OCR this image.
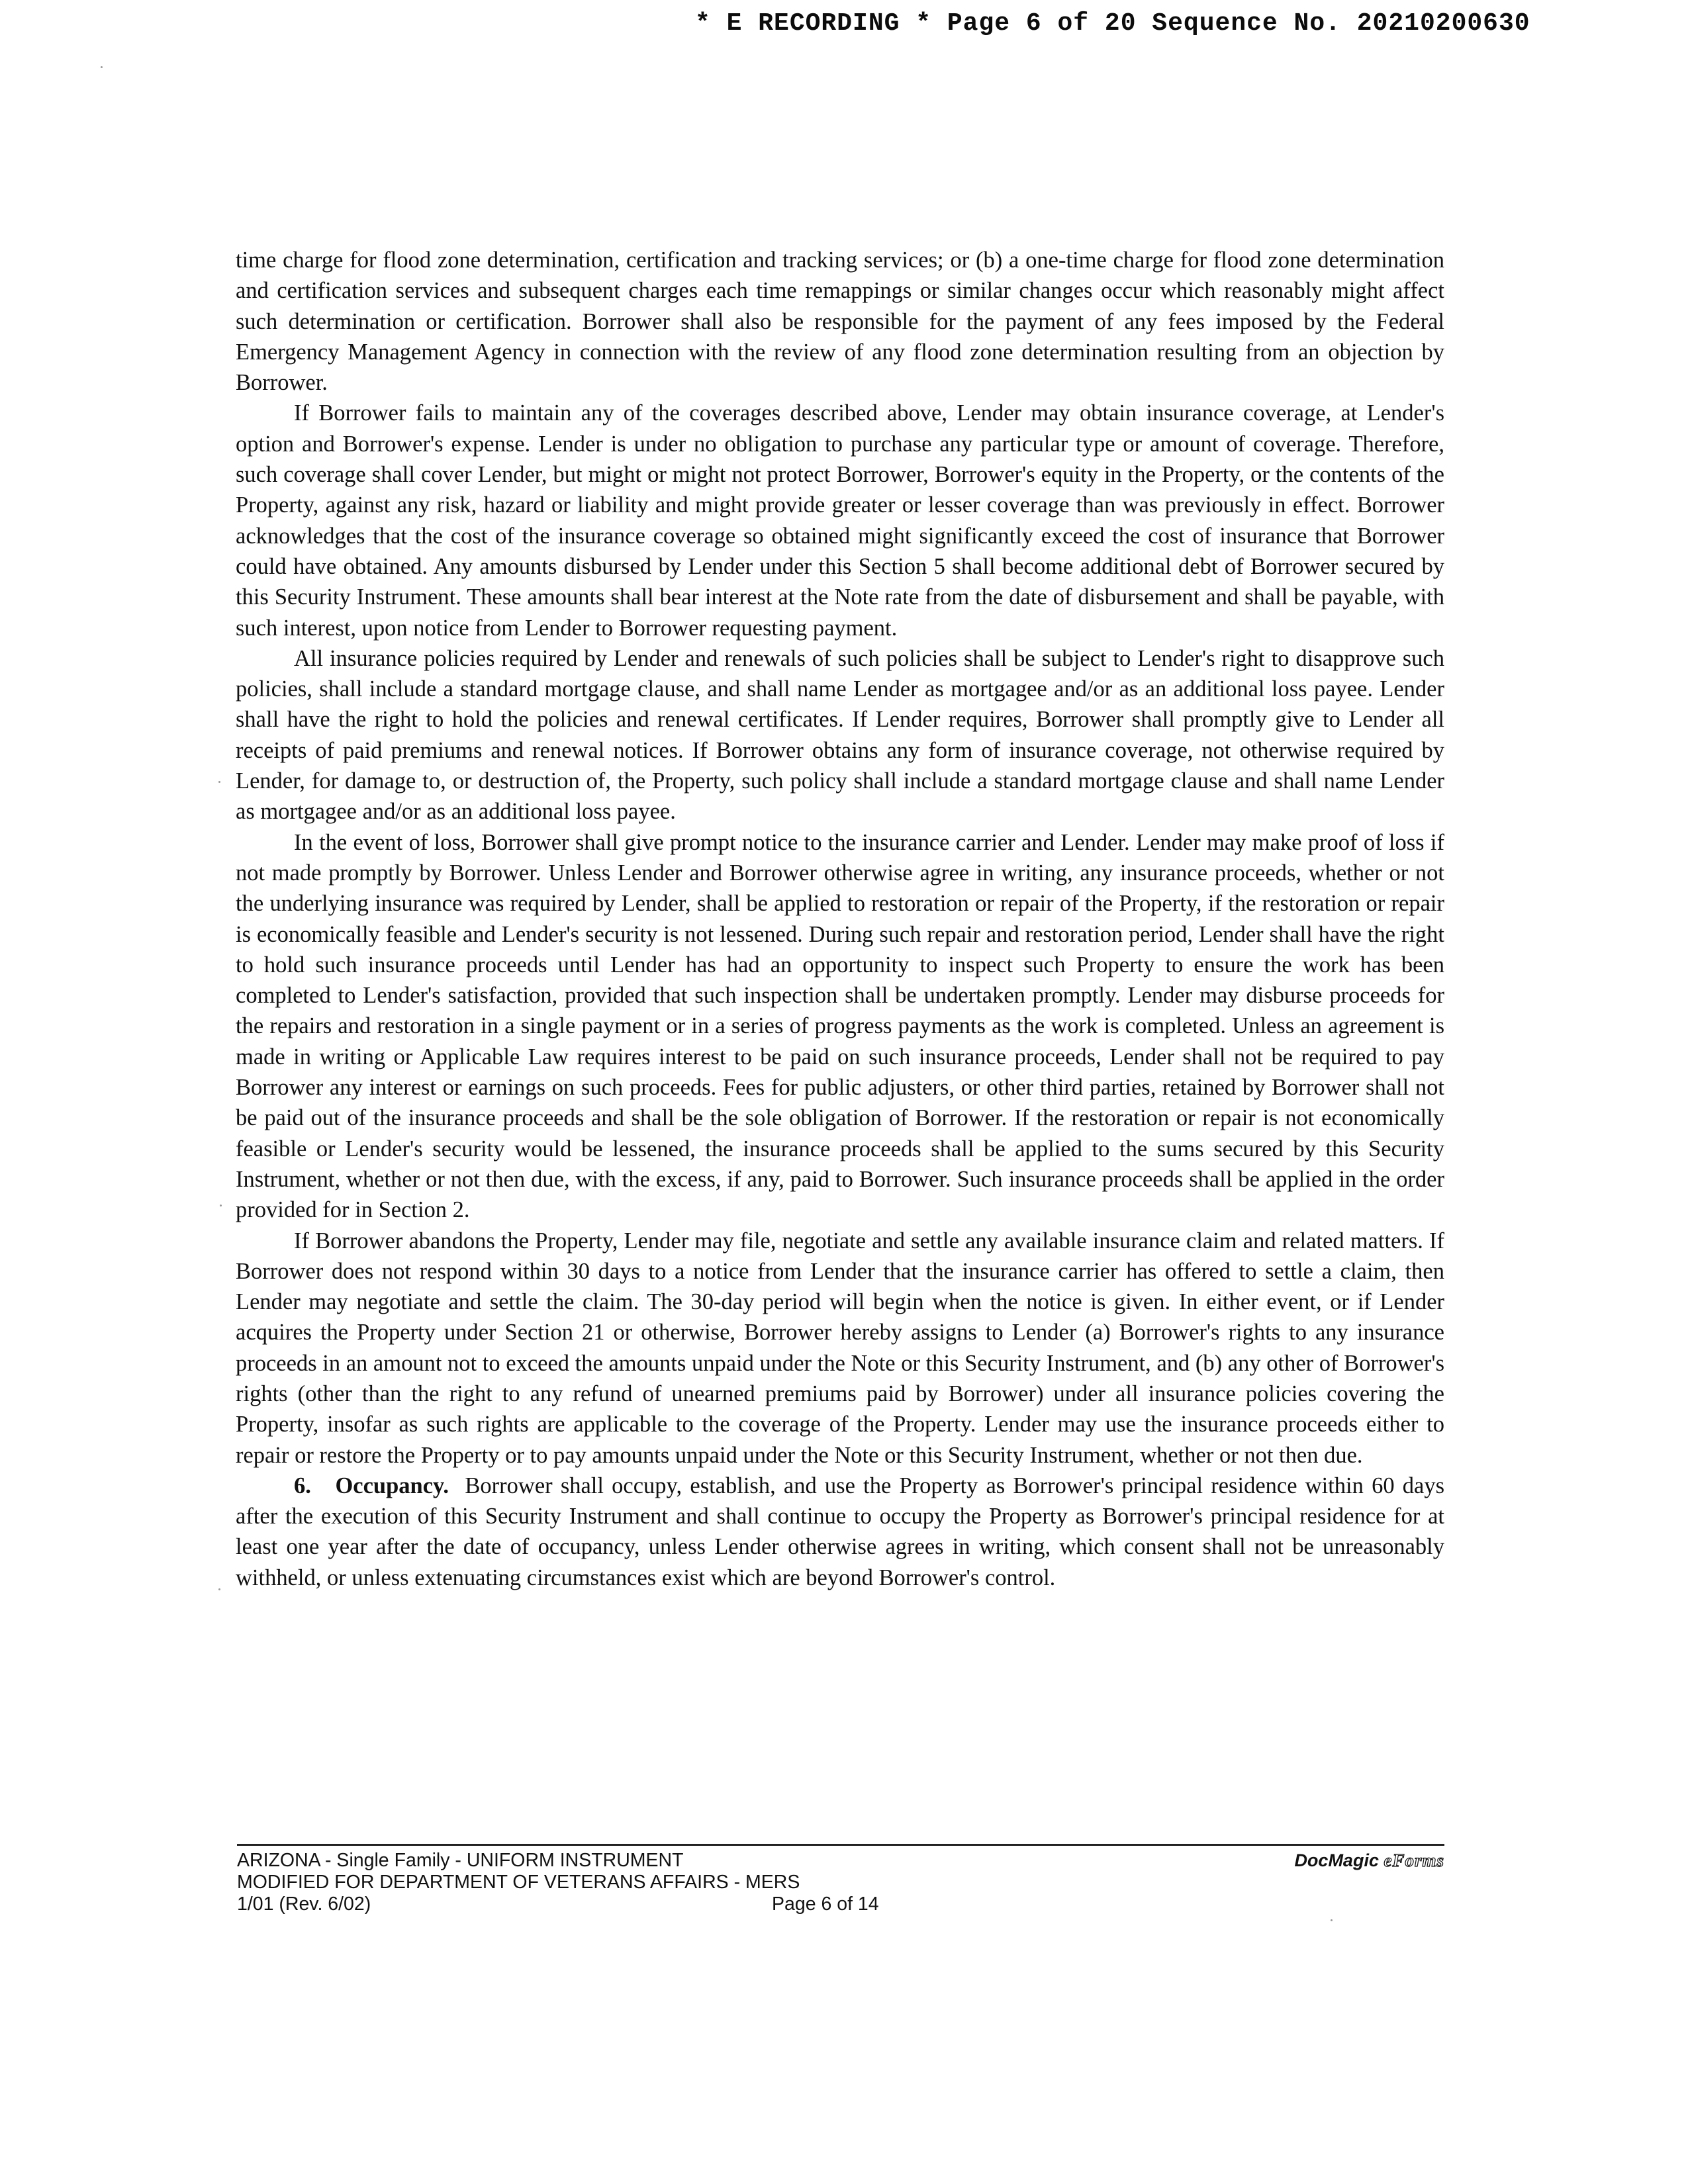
* E RECORDING * Page 6 of 20 Sequence No. 20210200630

time charge for flood zone determination, certification and tracking services; or (b) a one-time charge for flood zone determination and certification services and subsequent charges each time remappings or similar changes occur which reasonably might affect such determination or certification. Borrower shall also be responsible for the payment of any fees imposed by the Federal Emergency Management Agency in connection with the review of any flood zone determination resulting from an objection by Borrower.

If Borrower fails to maintain any of the coverages described above, Lender may obtain insurance coverage, at Lender's option and Borrower's expense. Lender is under no obligation to purchase any particular type or amount of coverage. Therefore, such coverage shall cover Lender, but might or might not protect Borrower, Borrower's equity in the Property, or the contents of the Property, against any risk, hazard or liability and might provide greater or lesser coverage than was previously in effect. Borrower acknowledges that the cost of the insurance coverage so obtained might significantly exceed the cost of insurance that Borrower could have obtained. Any amounts disbursed by Lender under this Section 5 shall become additional debt of Borrower secured by this Security Instrument. These amounts shall bear interest at the Note rate from the date of disbursement and shall be payable, with such interest, upon notice from Lender to Borrower requesting payment.

All insurance policies required by Lender and renewals of such policies shall be subject to Lender's right to disapprove such policies, shall include a standard mortgage clause, and shall name Lender as mortgagee and/or as an additional loss payee. Lender shall have the right to hold the policies and renewal certificates. If Lender requires, Borrower shall promptly give to Lender all receipts of paid premiums and renewal notices. If Borrower obtains any form of insurance coverage, not otherwise required by Lender, for damage to, or destruction of, the Property, such policy shall include a standard mortgage clause and shall name Lender as mortgagee and/or as an additional loss payee.

In the event of loss, Borrower shall give prompt notice to the insurance carrier and Lender. Lender may make proof of loss if not made promptly by Borrower. Unless Lender and Borrower otherwise agree in writing, any insurance proceeds, whether or not the underlying insurance was required by Lender, shall be applied to restoration or repair of the Property, if the restoration or repair is economically feasible and Lender's security is not lessened. During such repair and restoration period, Lender shall have the right to hold such insurance proceeds until Lender has had an opportunity to inspect such Property to ensure the work has been completed to Lender's satisfaction, provided that such inspection shall be undertaken promptly. Lender may disburse proceeds for the repairs and restoration in a single payment or in a series of progress payments as the work is completed. Unless an agreement is made in writing or Applicable Law requires interest to be paid on such insurance proceeds, Lender shall not be required to pay Borrower any interest or earnings on such proceeds. Fees for public adjusters, or other third parties, retained by Borrower shall not be paid out of the insurance proceeds and shall be the sole obligation of Borrower. If the restoration or repair is not economically feasible or Lender's security would be lessened, the insurance proceeds shall be applied to the sums secured by this Security Instrument, whether or not then due, with the excess, if any, paid to Borrower. Such insurance proceeds shall be applied in the order provided for in Section 2.

If Borrower abandons the Property, Lender may file, negotiate and settle any available insurance claim and related matters. If Borrower does not respond within 30 days to a notice from Lender that the insurance carrier has offered to settle a claim, then Lender may negotiate and settle the claim. The 30-day period will begin when the notice is given. In either event, or if Lender acquires the Property under Section 21 or otherwise, Borrower hereby assigns to Lender (a) Borrower's rights to any insurance proceeds in an amount not to exceed the amounts unpaid under the Note or this Security Instrument, and (b) any other of Borrower's rights (other than the right to any refund of unearned premiums paid by Borrower) under all insurance policies covering the Property, insofar as such rights are applicable to the coverage of the Property. Lender may use the insurance proceeds either to repair or restore the Property or to pay amounts unpaid under the Note or this Security Instrument, whether or not then due.

6. Occupancy. Borrower shall occupy, establish, and use the Property as Borrower's principal residence within 60 days after the execution of this Security Instrument and shall continue to occupy the Property as Borrower's principal residence for at least one year after the date of occupancy, unless Lender otherwise agrees in writing, which consent shall not be unreasonably withheld, or unless extenuating circumstances exist which are beyond Borrower's control.

ARIZONA - Single Family - UNIFORM INSTRUMENT
MODIFIED FOR DEPARTMENT OF VETERANS AFFAIRS - MERS
1/01 (Rev. 6/02)	Page 6 of 14
DocMagic eForms
